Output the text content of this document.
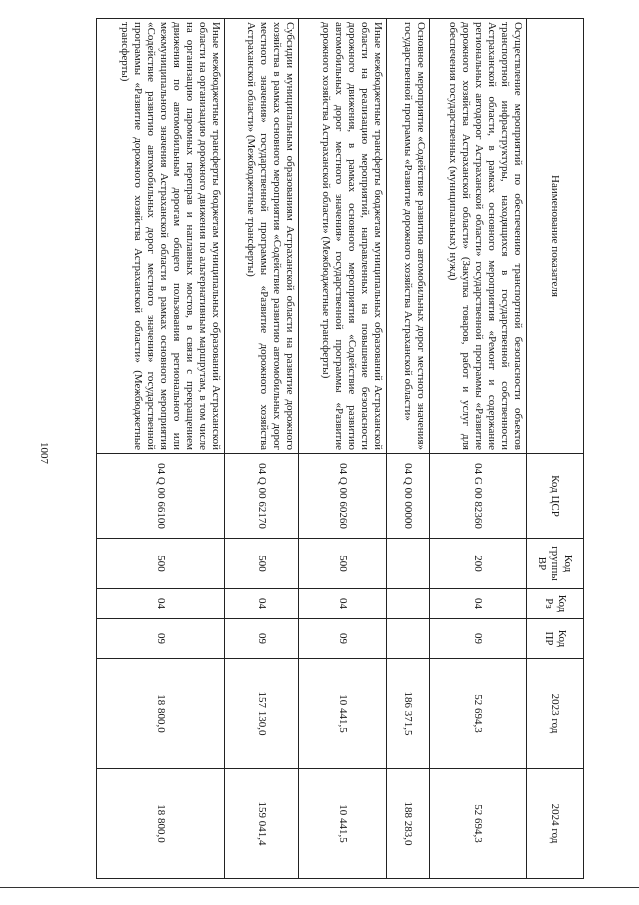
1007
Наименование показателя	Код ЦСР	Код группы ВР	Код Рз	Код ПР	2023 год	2024 год
Осуществление мероприятий по обеспечению транспортной безопасности объектов транспортной инфраструктуры, находящихся в государственной собственности Астраханской области, в рамках основного мероприятия «Ремонт и содержание региональных автодорог Астраханской области» государственной программы «Развитие дорожного хозяйства Астраханской области» (Закупка товаров, работ и услуг для обеспечения государственных (муниципальных) нужд)	04 G 00 82360	200	04	09	52 694,3	52 694,3
Основное мероприятие «Содействие развитию автомобильных дорог местного значения» государственной программы «Развитие дорожного хозяйства Астраханской области»	04 Q 00 00000				186 371,5	188 283,0
Иные межбюджетные трансферты бюджетам муниципальных образований Астраханской области на реализацию мероприятий, направленных на повышение безопасности дорожного движения, в рамках основного мероприятия «Содействие развитию автомобильных дорог местного значения» государственной программы «Развитие дорожного хозяйства Астраханской области» (Межбюджетные трансферты)	04 Q 00 60260	500	04	09	10 441,5	10 441,5
Субсидии муниципальным образованиям Астраханской области на развитие дорожного хозяйства в рамках основного мероприятия «Содействие развитию автомобильных дорог местного значения» государственной программы «Развитие дорожного хозяйства Астраханской области» (Межбюджетные трансферты)	04 Q 00 62170	500	04	09	157 130,0	159 041,4
Иные межбюджетные трансферты бюджетам муниципальных образований Астраханской области на организацию дорожного движения по альтернативным маршрутам, в том числе на организацию паромных переправ и наплавных мостов, в связи с прекращением движения по автомобильным дорогам общего пользования регионального или межмуниципального значения Астраханской области в рамках основного мероприятия «Содействие развитию автомобильных дорог местного значения» государственной программы «Развитие дорожного хозяйства Астраханской области» (Межбюджетные трансферты)	04 Q 00 66100	500	04	09	18 800,0	18 800,0
